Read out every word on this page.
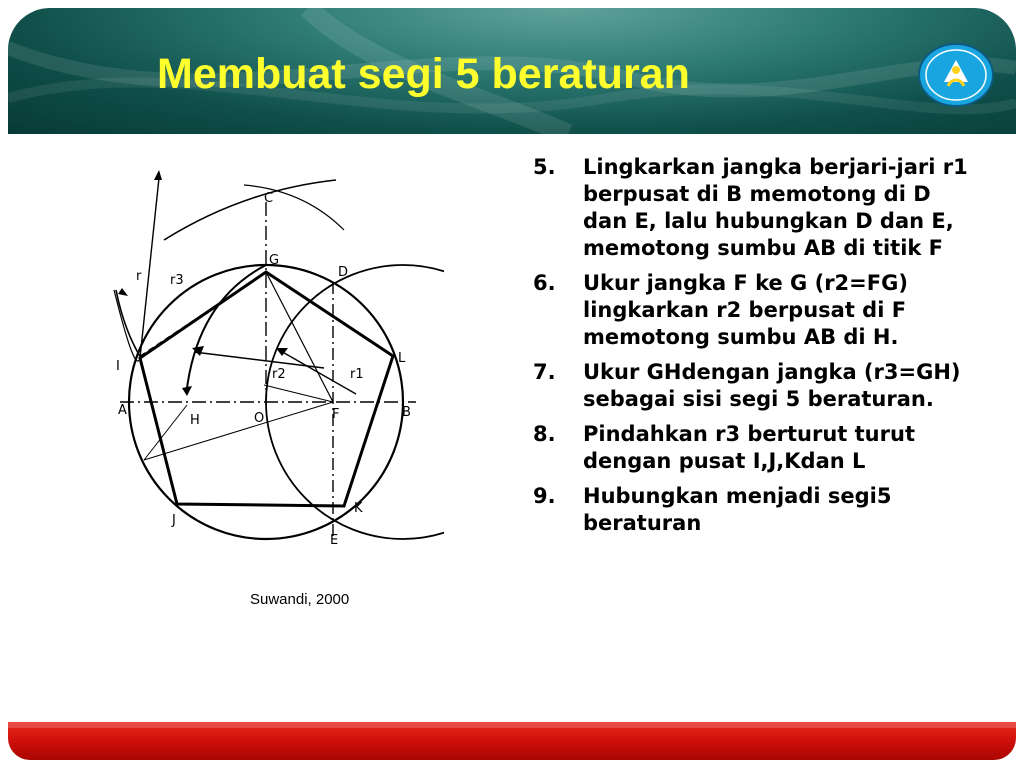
Membuat segi 5 beraturan
C
G
D
L
I
A
H	O	F	B
J
K
E
r1
r2
r3
r
Suwandi, 2000
5.	Lingkarkan jangka berjari-jari r1 berpusat di B memotong di D dan E, lalu hubungkan D dan E, memotong sumbu AB di titik F
6.	Ukur jangka F ke G (r2=FG) lingkarkan r2 berpusat di F memotong sumbu AB di H.
7.	Ukur GHdengan jangka (r3=GH) sebagai sisi segi 5 beraturan.
8.	Pindahkan r3 berturut turut dengan pusat I,J,Kdan L
9.	Hubungkan menjadi segi5 beraturan
